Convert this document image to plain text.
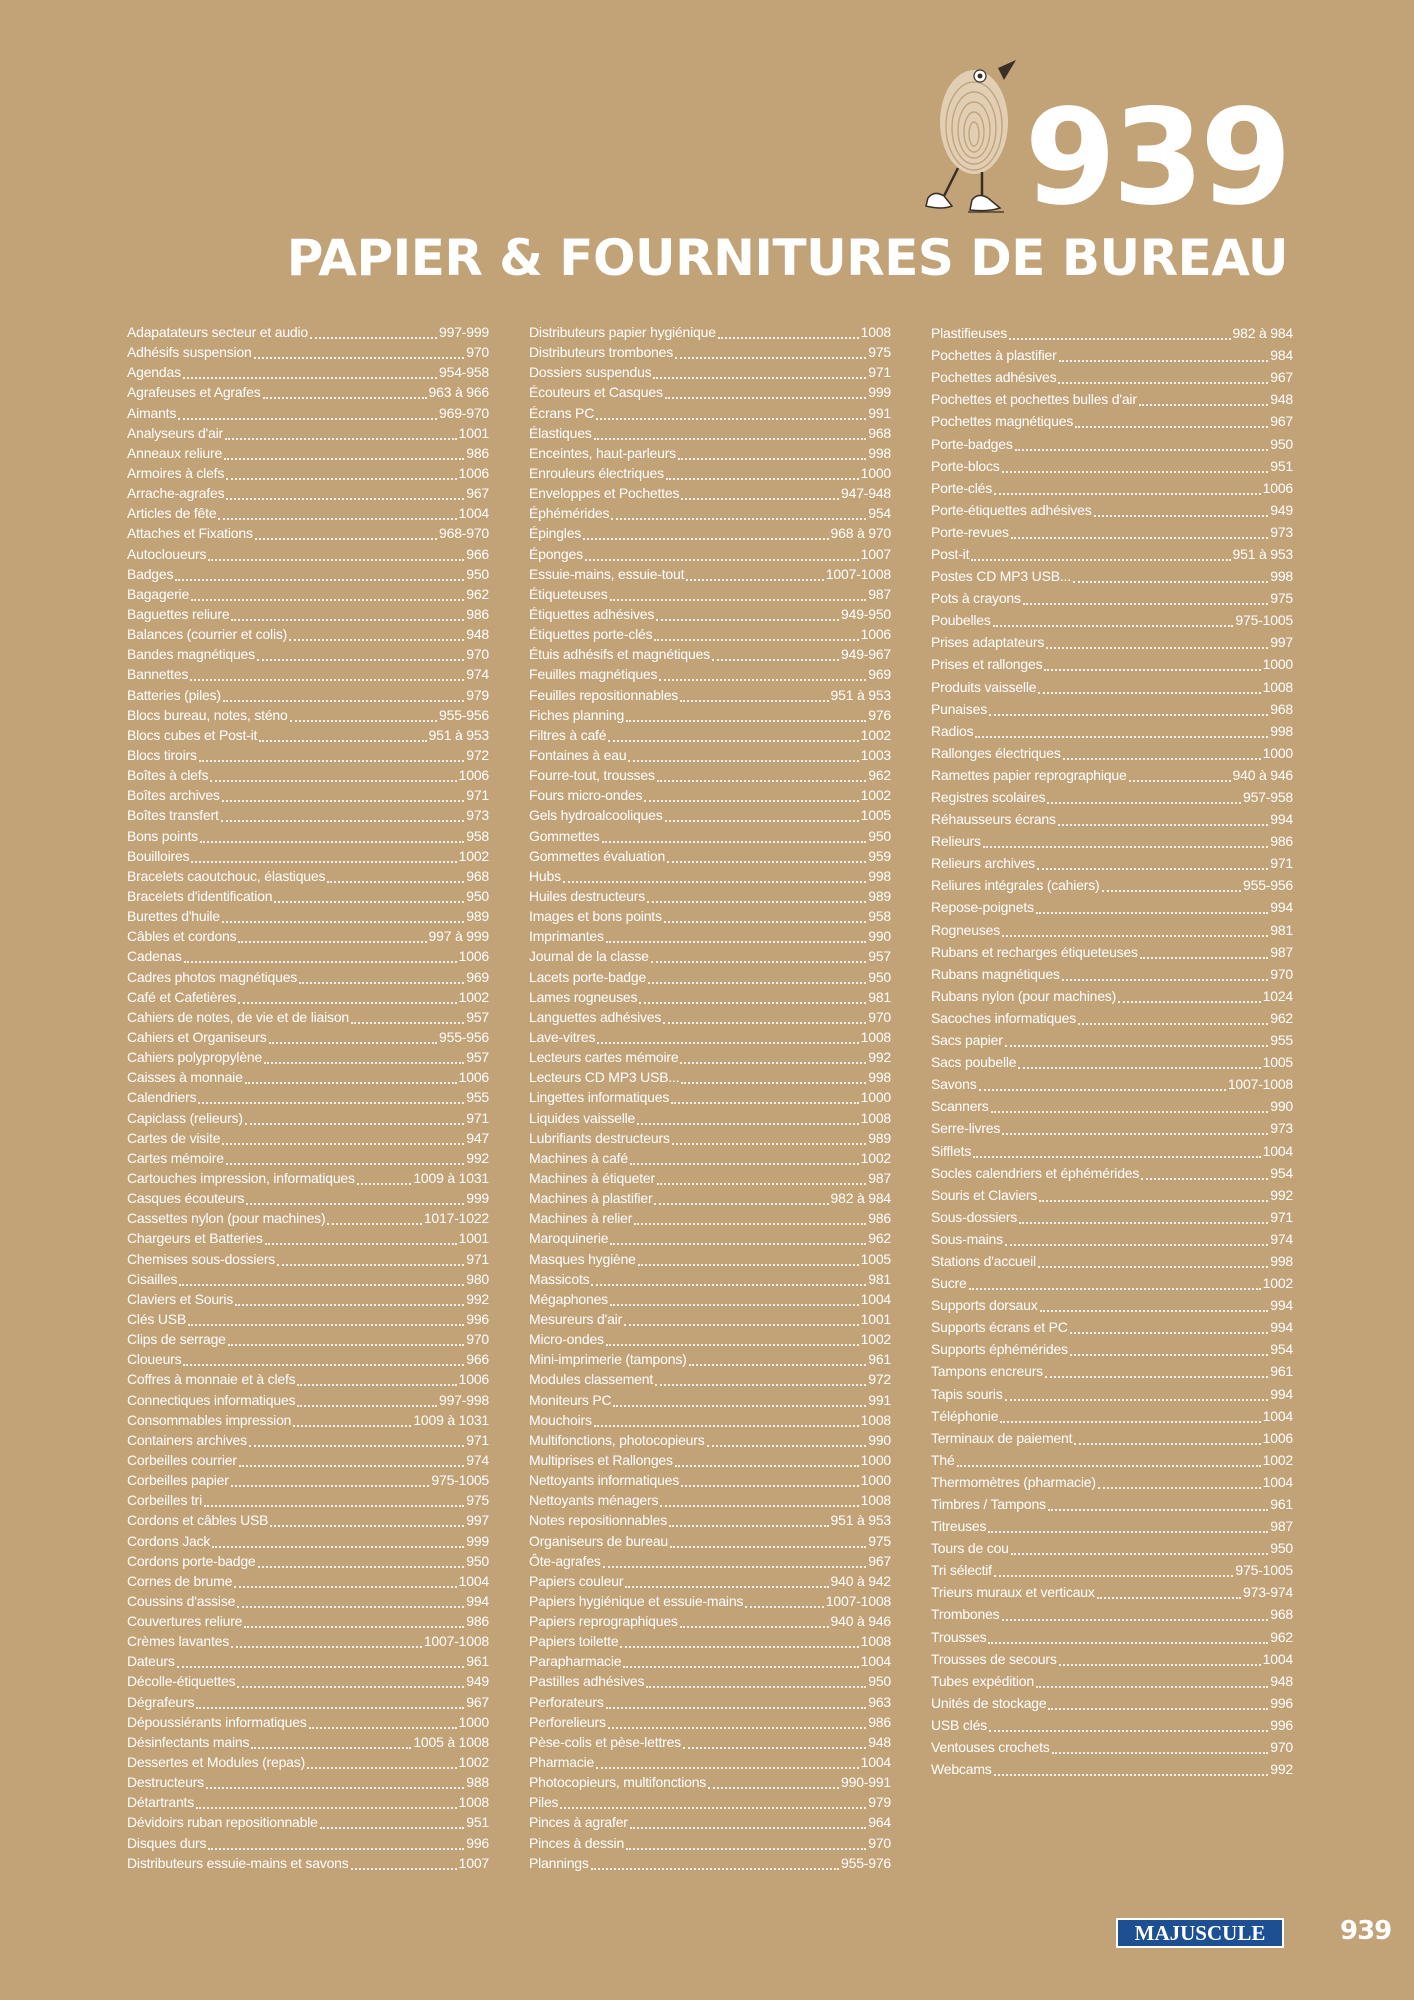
939
PAPIER & FOURNITURES DE BUREAU
Adapatateurs secteur et audio	997-999
Adhésifs suspension	970
Agendas	954-958
Agrafeuses et Agrafes	963 à 966
Aimants	969-970
Analyseurs d'air	1001
Anneaux reliure	986
Armoires à clefs	1006
Arrache-agrafes	967
Articles de fête	1004
Attaches et Fixations	968-970
Autocloueurs	966
Badges	950
Bagagerie	962
Baguettes reliure	986
Balances (courrier et colis)	948
Bandes magnétiques	970
Bannettes	974
Batteries (piles)	979
Blocs bureau, notes, sténo	955-956
Blocs cubes et Post-it	951 à 953
Blocs tiroirs	972
Boîtes à clefs	1006
Boîtes archives	971
Boîtes transfert	973
Bons points	958
Bouilloires	1002
Bracelets caoutchouc, élastiques	968
Bracelets d'identification	950
Burettes d'huile	989
Câbles et cordons	997 à 999
Cadenas	1006
Cadres photos magnétiques	969
Café et Cafetières	1002
Cahiers de notes, de vie et de liaison	957
Cahiers et Organiseurs	955-956
Cahiers polypropylène	957
Caisses à monnaie	1006
Calendriers	955
Capiclass (relieurs)	971
Cartes de visite	947
Cartes mémoire	992
Cartouches impression, informatiques	1009 à 1031
Casques écouteurs	999
Cassettes nylon (pour machines)	1017-1022
Chargeurs et Batteries	1001
Chemises sous-dossiers	971
Cisailles	980
Claviers et Souris	992
Clés USB	996
Clips de serrage	970
Cloueurs	966
Coffres à monnaie et à clefs	1006
Connectiques informatiques	997-998
Consommables impression	1009 à 1031
Containers archives	971
Corbeilles courrier	974
Corbeilles papier	975-1005
Corbeilles tri	975
Cordons et câbles USB	997
Cordons Jack	999
Cordons porte-badge	950
Cornes de brume	1004
Coussins d'assise	994
Couvertures reliure	986
Crèmes lavantes	1007-1008
Dateurs	961
Décolle-étiquettes	949
Dégrafeurs	967
Dépoussiérants informatiques	1000
Désinfectants mains	1005 à 1008
Dessertes et Modules (repas)	1002
Destructeurs	988
Détartrants	1008
Dévidoirs ruban repositionnable	951
Disques durs	996
Distributeurs essuie-mains et savons	1007
Distributeurs papier hygiénique	1008
Distributeurs trombones	975
Dossiers suspendus	971
Écouteurs et Casques	999
Écrans PC	991
Élastiques	968
Enceintes, haut-parleurs	998
Enrouleurs électriques	1000
Enveloppes et Pochettes	947-948
Éphémérides	954
Épingles	968 à 970
Éponges	1007
Essuie-mains, essuie-tout	1007-1008
Étiqueteuses	987
Étiquettes adhésives	949-950
Étiquettes porte-clés	1006
Étuis adhésifs et magnétiques	949-967
Feuilles magnétiques	969
Feuilles repositionnables	951 à 953
Fiches planning	976
Filtres à café	1002
Fontaines à eau	1003
Fourre-tout, trousses	962
Fours micro-ondes	1002
Gels hydroalcooliques	1005
Gommettes	950
Gommettes évaluation	959
Hubs	998
Huiles destructeurs	989
Images et bons points	958
Imprimantes	990
Journal de la classe	957
Lacets porte-badge	950
Lames rogneuses	981
Languettes adhésives	970
Lave-vitres	1008
Lecteurs cartes mémoire	992
Lecteurs CD MP3 USB...	998
Lingettes informatiques	1000
Liquides vaisselle	1008
Lubrifiants destructeurs	989
Machines à café	1002
Machines à étiqueter	987
Machines à plastifier	982 à 984
Machines à relier	986
Maroquinerie	962
Masques hygiène	1005
Massicots	981
Mégaphones	1004
Mesureurs d'air	1001
Micro-ondes	1002
Mini-imprimerie (tampons)	961
Modules classement	972
Moniteurs PC	991
Mouchoirs	1008
Multifonctions, photocopieurs	990
Multiprises et Rallonges	1000
Nettoyants informatiques	1000
Nettoyants ménagers	1008
Notes repositionnables	951 à 953
Organiseurs de bureau	975
Ôte-agrafes	967
Papiers couleur	940 à 942
Papiers hygiénique et essuie-mains	1007-1008
Papiers reprographiques	940 à 946
Papiers toilette	1008
Parapharmacie	1004
Pastilles adhésives	950
Perforateurs	963
Perforelieurs	986
Pèse-colis et pèse-lettres	948
Pharmacie	1004
Photocopieurs, multifonctions	990-991
Piles	979
Pinces à agrafer	964
Pinces à dessin	970
Plannings	955-976
Plastifieuses	982 à 984
Pochettes à plastifier	984
Pochettes adhésives	967
Pochettes et pochettes bulles d'air	948
Pochettes magnétiques	967
Porte-badges	950
Porte-blocs	951
Porte-clés	1006
Porte-étiquettes adhésives	949
Porte-revues	973
Post-it	951 à 953
Postes CD MP3 USB...	998
Pots à crayons	975
Poubelles	975-1005
Prises adaptateurs	997
Prises et rallonges	1000
Produits vaisselle	1008
Punaises	968
Radios	998
Rallonges électriques	1000
Ramettes papier reprographique	940 à 946
Registres scolaires	957-958
Réhausseurs écrans	994
Relieurs	986
Relieurs archives	971
Reliures intégrales (cahiers)	955-956
Repose-poignets	994
Rogneuses	981
Rubans et recharges étiqueteuses	987
Rubans magnétiques	970
Rubans nylon (pour machines)	1024
Sacoches informatiques	962
Sacs papier	955
Sacs poubelle	1005
Savons	1007-1008
Scanners	990
Serre-livres	973
Sifflets	1004
Socles calendriers et éphémérides	954
Souris et Claviers	992
Sous-dossiers	971
Sous-mains	974
Stations d'accueil	998
Sucre	1002
Supports dorsaux	994
Supports écrans et PC	994
Supports éphémérides	954
Tampons encreurs	961
Tapis souris	994
Téléphonie	1004
Terminaux de paiement	1006
Thé	1002
Thermomètres (pharmacie)	1004
Timbres / Tampons	961
Titreuses	987
Tours de cou	950
Tri sélectif	975-1005
Trieurs muraux et verticaux	973-974
Trombones	968
Trousses	962
Trousses de secours	1004
Tubes expédition	948
Unités de stockage	996
USB clés	996
Ventouses crochets	970
Webcams	992
MAJUSCULE	939
